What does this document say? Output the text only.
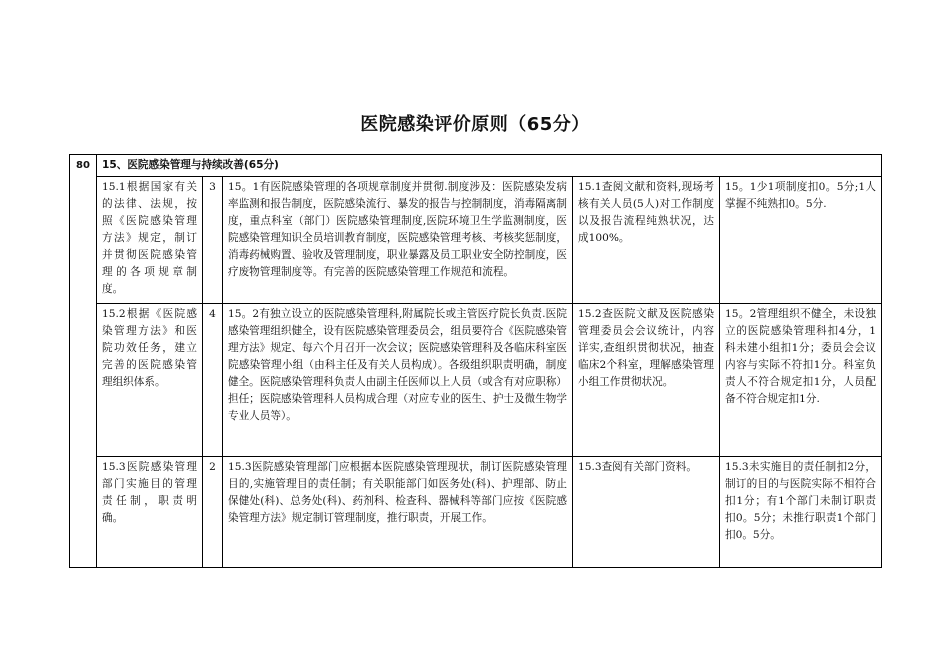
医院感染评价原则（65分）
80	15、医院感染管理与持续改善(65分)				
	15.1根据国家有关的法律、法规，按照《医院感染管理方法》规定，制订并贯彻医院感染管理的各项规章制度。	3	15。1有医院感染管理的各项规章制度并贯彻.制度涉及：医院感染发病率监测和报告制度，医院感染流行、暴发的报告与控制制度，消毒隔离制度，重点科室（部门）医院感染管理制度,医院环境卫生学监测制度，医院感染管理知识全员培训教育制度，医院感染管理考核、考核奖惩制度，消毒药械购置、验收及管理制度，职业暴露及员工职业安全防控制度，医疗废物管理制度等。有完善的医院感染管理工作规范和流程。	15.1查阅文献和资料,现场考核有关人员(5人)对工作制度以及报告流程纯熟状况，达成100%。	15。1少1项制度扣0。5分;1人掌握不纯熟扣0。5分.
	15.2根据《医院感染管理方法》和医院功效任务，建立完善的医院感染管理组织体系。	4	15。2有独立设立的医院感染管理科,附属院长或主管医疗院长负责.医院感染管理组织健全，设有医院感染管理委员会，组员要符合《医院感染管理方法》规定、每六个月召开一次会议；医院感染管理科及各临床科室医院感染管理小组（由科主任及有关人员构成）。各级组织职责明确，制度健全。医院感染管理科负责人由副主任医师以上人员（或含有对应职称）担任；医院感染管理科人员构成合理（对应专业的医生、护士及微生物学专业人员等）。	15.2查医院文献及医院感染管理委员会会议统计，内容详实,查组织贯彻状况，抽查临床2个科室，理解感染管理小组工作贯彻状况。	15。2管理组织不健全，未设独立的医院感染管理科扣4分，1科未建小组扣1分；委员会会议内容与实际不符扣1分。科室负责人不符合规定扣1分，人员配备不符合规定扣1分.
	15.3医院感染管理部门实施目的管理责任制，职责明确。	2	15.3医院感染管理部门应根据本医院感染管理现状，制订医院感染管理目的,实施管理目的责任制；有关职能部门如医务处(科)、护理部、防止保健处(科)、总务处(科)、药剂科、检查科、器械科等部门应按《医院感染管理方法》规定制订管理制度，推行职责，开展工作。	15.3查阅有关部门资料。	15.3未实施目的责任制扣2分，制订的目的与医院实际不相符合扣1分；有1个部门未制订职责扣0。5分；未推行职责1个部门扣0。5分。
